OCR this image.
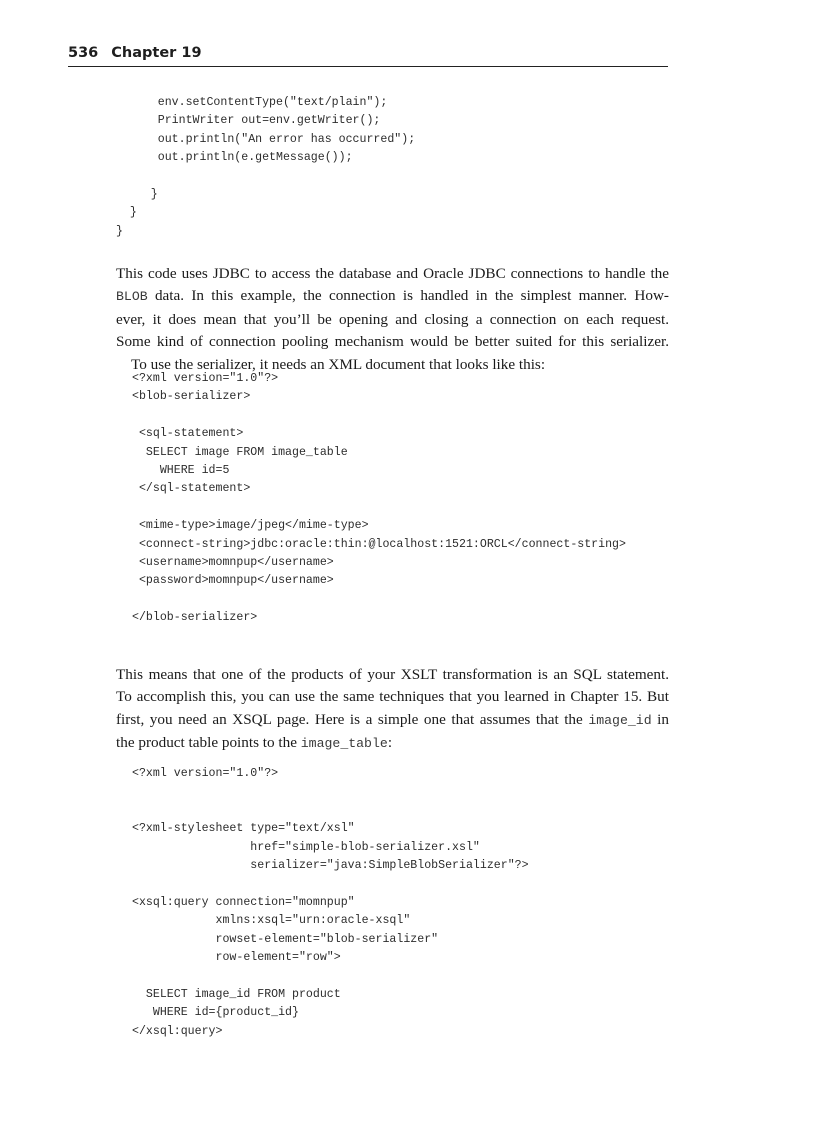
536 Chapter 19
env.setContentType("text/plain");
PrintWriter out=env.getWriter();
out.println("An error has occurred");
out.println(e.getMessage());

}
}
}
This code uses JDBC to access the database and Oracle JDBC connections to handle the
BLOB data. In this example, the connection is handled in the simplest manner. How-
ever, it does mean that you’ll be opening and closing a connection on each request.
Some kind of connection pooling mechanism would be better suited for this serializer.
To use the serializer, it needs an XML document that looks like this:
<?xml version="1.0"?>
<blob-serializer>

<sql-statement>
SELECT image FROM image_table
WHERE id=5
</sql-statement>

<mime-type>image/jpeg</mime-type>
<connect-string>jdbc:oracle:thin:@localhost:1521:ORCL</connect-string>
<username>momnpup</username>
<password>momnpup</username>

</blob-serializer>
This means that one of the products of your XSLT transformation is an SQL statement.
To accomplish this, you can use the same techniques that you learned in Chapter 15. But
first, you need an XSQL page. Here is a simple one that assumes that the image_id in
the product table points to the image_table:
<?xml version="1.0"?>

<?xml-stylesheet type="text/xsl"
href="simple-blob-serializer.xsl"
serializer="java:SimpleBlobSerializer"?>

<xsql:query connection="momnpup"
xmlns:xsql="urn:oracle-xsql"
rowset-element="blob-serializer"
row-element="row">

SELECT image_id FROM product
WHERE id={product_id}
</xsql:query>
